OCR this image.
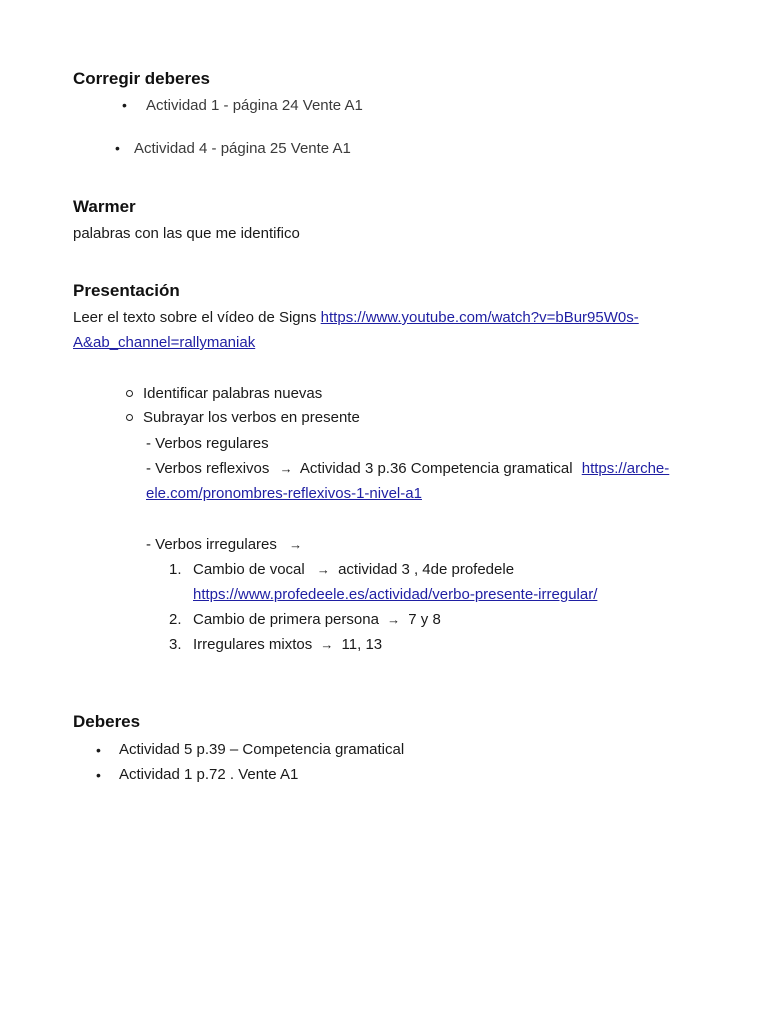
Corregir deberes
• Actividad 1 - página 24 Vente A1
• Actividad 4 - página 25 Vente A1
Warmer
palabras con las que me identifico
Presentación
Leer el texto sobre el vídeo de Signs https://www.youtube.com/watch?v=bBur95W0s-
A&ab_channel=rallymaniak
Identificar palabras nuevas
Subrayar los verbos en presente
- Verbos regulares
- Verbos reflexivos → Actividad 3 p.36 Competencia gramatical https://arche-
ele.com/pronombres-reflexivos-1-nivel-a1
- Verbos irregulares →
1. Cambio de vocal → actividad 3 , 4de profedele
https://www.profedeele.es/actividad/verbo-presente-irregular/
2. Cambio de primera persona → 7 y 8
3. Irregulares mixtos → 11, 13
Deberes
• Actividad 5 p.39 – Competencia gramatical
• Actividad 1 p.72 . Vente A1
